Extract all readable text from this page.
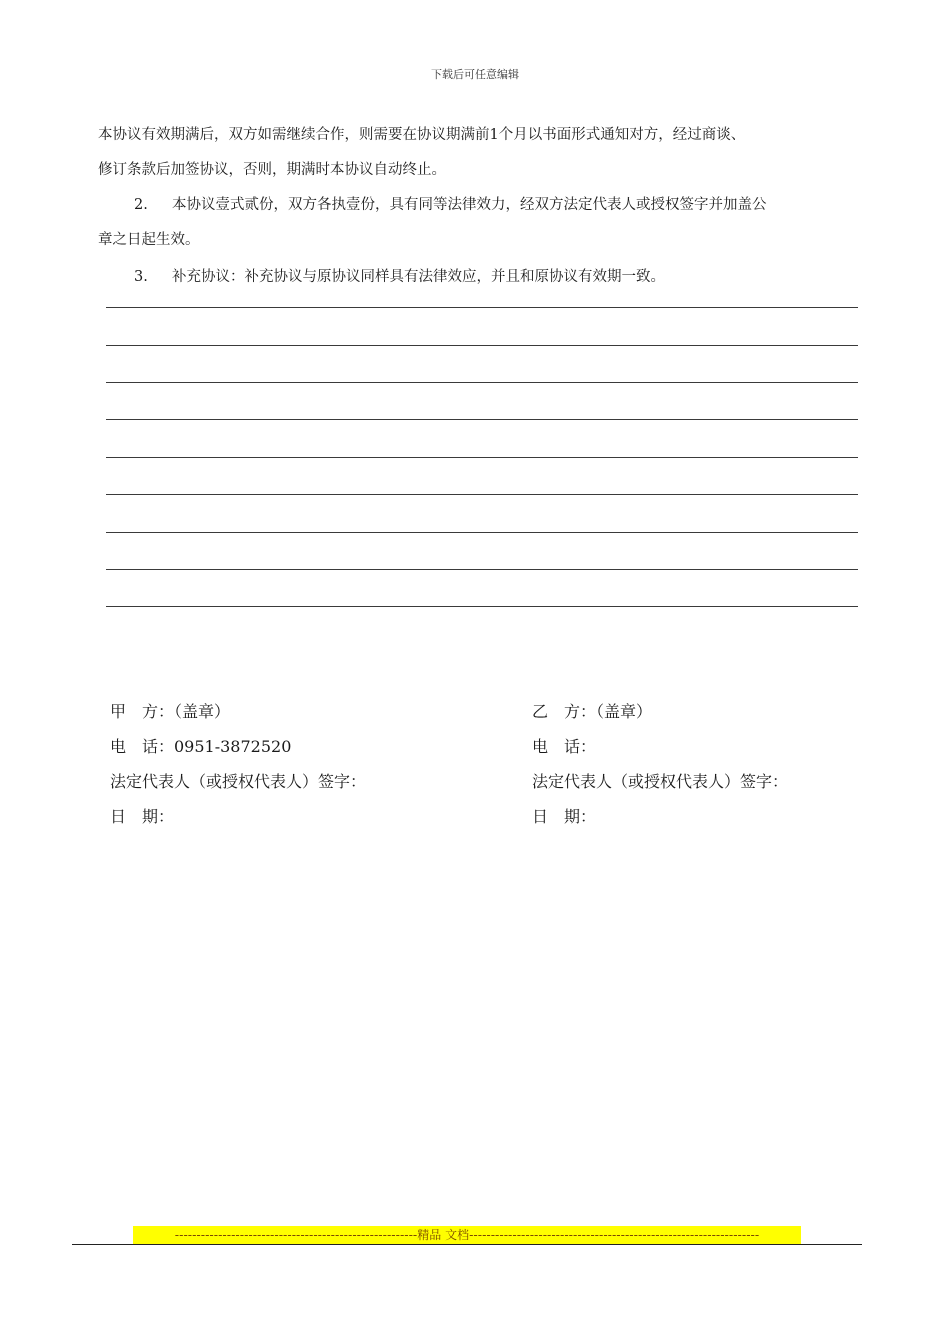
下载后可任意编辑
本协议有效期满后，双方如需继续合作，则需要在协议期满前1个月以书面形式通知对方，经过商谈、
修订条款后加签协议，否则，期满时本协议自动终止。
2. 本协议壹式贰份，双方各执壹份，具有同等法律效力，经双方法定代表人或授权签字并加盖公
章之日起生效。
3. 补充协议：补充协议与原协议同样具有法律效应，并且和原协议有效期一致。
甲　方：（盖章）
电　话：0951-3872520
法定代表人（或授权代表人）签字：
日　期：
乙　方：（盖章）
电　话：
法定代表人（或授权代表人）签字：
日　期：
--------------------------------------------------------精品 文档-------------------------------------------------------------------
